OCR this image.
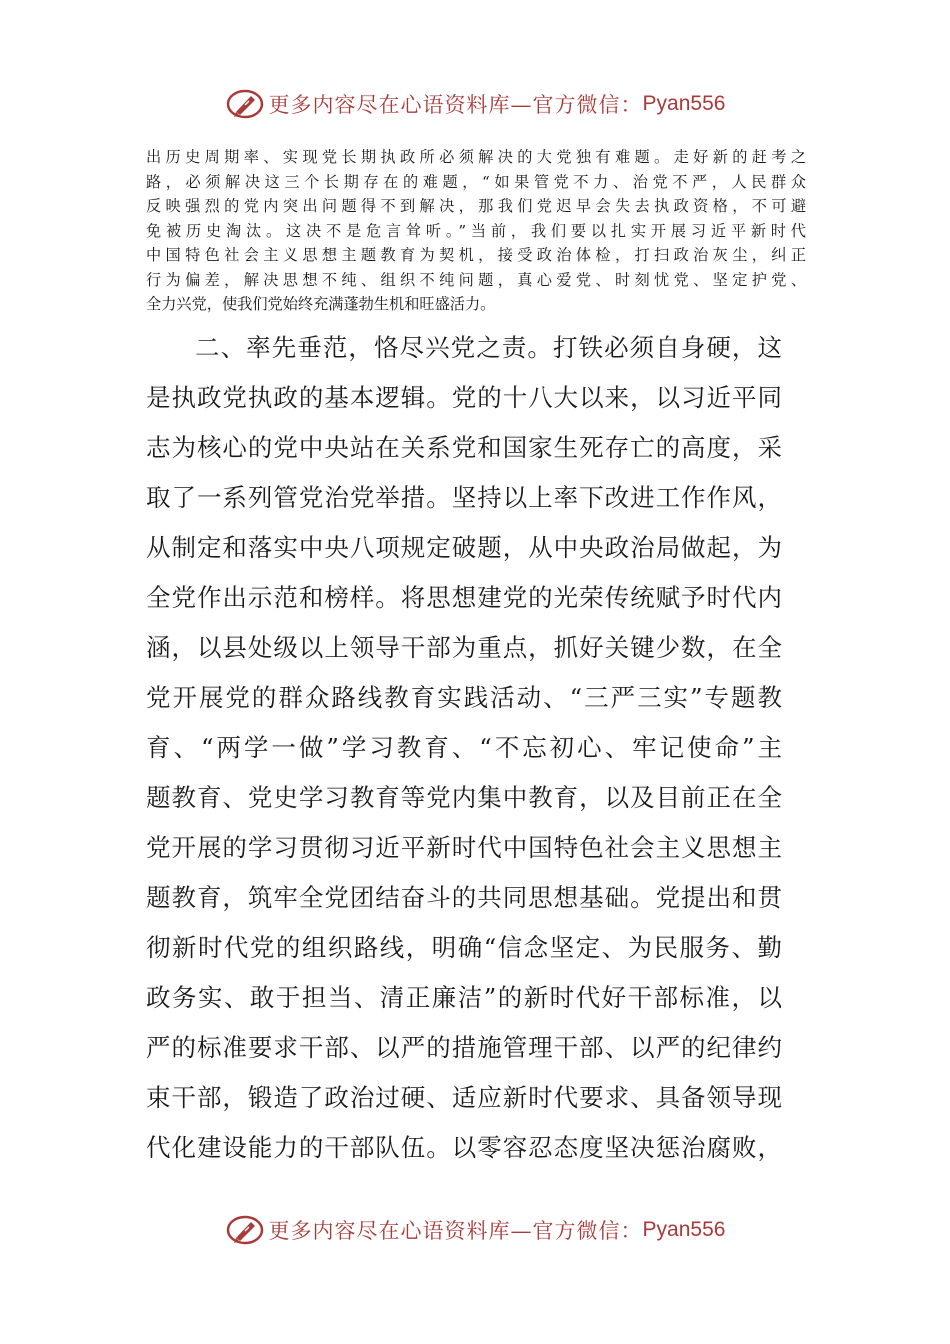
更多内容尽在心语资料库—官方微信： Pyan556
出历史周期率、实现党长期执政所必须解决的大党独有难题。走好新的赶考之
路，必须解决这三个长期存在的难题，“如果管党不力、治党不严，人民群众
反映强烈的党内突出问题得不到解决，那我们党迟早会失去执政资格，不可避
免被历史淘汰。这决不是危言耸听。”当前，我们要以扎实开展习近平新时代
中国特色社会主义思想主题教育为契机，接受政治体检，打扫政治灰尘，纠正
行为偏差，解决思想不纯、组织不纯问题，真心爱党、时刻忧党、坚定护党、
全力兴党，使我们党始终充满蓬勃生机和旺盛活力。
二、率先垂范，恪尽兴党之责。打铁必须自身硬，这
是执政党执政的基本逻辑。党的十八大以来，以习近平同
志为核心的党中央站在关系党和国家生死存亡的高度，采
取了一系列管党治党举措。坚持以上率下改进工作作风，
从制定和落实中央八项规定破题，从中央政治局做起，为
全党作出示范和榜样。将思想建党的光荣传统赋予时代内
涵，以县处级以上领导干部为重点，抓好关键少数，在全
党开展党的群众路线教育实践活动、“三严三实”专题教
育、“两学一做”学习教育、“不忘初心、牢记使命”主
题教育、党史学习教育等党内集中教育，以及目前正在全
党开展的学习贯彻习近平新时代中国特色社会主义思想主
题教育，筑牢全党团结奋斗的共同思想基础。党提出和贯
彻新时代党的组织路线，明确“信念坚定、为民服务、勤
政务实、敢于担当、清正廉洁”的新时代好干部标准，以
严的标准要求干部、以严的措施管理干部、以严的纪律约
束干部，锻造了政治过硬、适应新时代要求、具备领导现
代化建设能力的干部队伍。以零容忍态度坚决惩治腐败，
更多内容尽在心语资料库—官方微信： Pyan556
